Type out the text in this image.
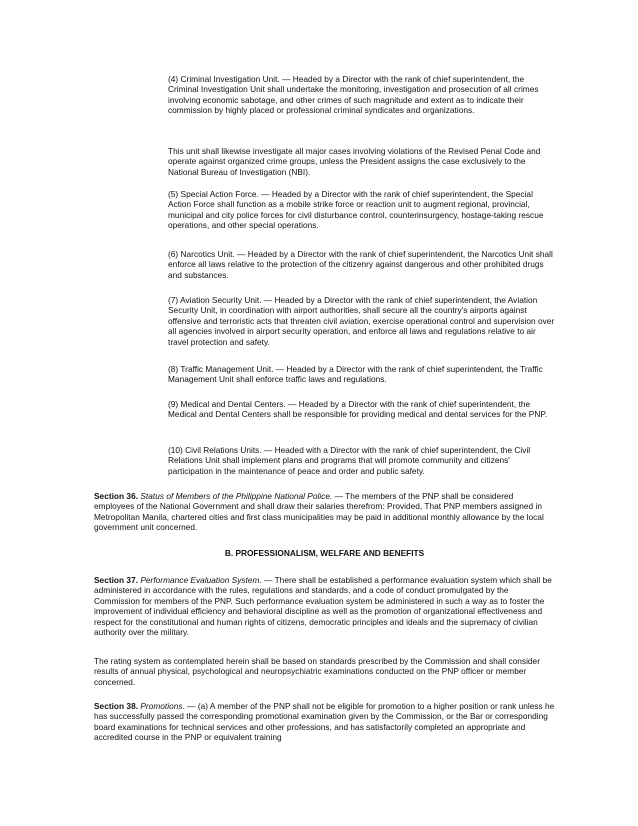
(4) Criminal Investigation Unit. — Headed by a Director with the rank of chief superintendent, the Criminal Investigation Unit shall undertake the monitoring, investigation and prosecution of all crimes involving economic sabotage, and other crimes of such magnitude and extent as to indicate their commission by highly placed or professional criminal syndicates and organizations.

This unit shall likewise investigate all major cases involving violations of the Revised Penal Code and operate against organized crime groups, unless the President assigns the case exclusively to the National Bureau of Investigation (NBI).

(5) Special Action Force. — Headed by a Director with the rank of chief superintendent, the Special Action Force shall function as a mobile strike force or reaction unit to augment regional, provincial, municipal and city police forces for civil disturbance control, counterinsurgency, hostage-taking rescue operations, and other special operations.

(6) Narcotics Unit. — Headed by a Director with the rank of chief superintendent, the Narcotics Unit shall enforce all laws relative to the protection of the citizenry against dangerous and other prohibited drugs and substances.

(7) Aviation Security Unit. — Headed by a Director with the rank of chief superintendent, the Aviation Security Unit, in coordination with airport authorities, shall secure all the country's airports against offensive and terroristic acts that threaten civil aviation, exercise operational control and supervision over all agencies involved in airport security operation, and enforce all laws and regulations relative to air travel protection and safety.

(8) Traffic Management Unit. — Headed by a Director with the rank of chief superintendent, the Traffic Management Unit shall enforce traffic laws and regulations.

(9) Medical and Dental Centers. — Headed by a Director with the rank of chief superintendent, the Medical and Dental Centers shall be responsible for providing medical and dental services for the PNP.

(10) Civil Relations Units. — Headed with a Director with the rank of chief superintendent, the Civil Relations Unit shall implement plans and programs that will promote community and citizens' participation in the maintenance of peace and order and public safety.

Section 36. Status of Members of the Philippine National Police. — The members of the PNP shall be considered employees of the National Government and shall draw their salaries therefrom: Provided, That PNP members assigned in Metropolitan Manila, chartered cities and first class municipalities may be paid in additional monthly allowance by the local government unit concerned.

B. PROFESSIONALISM, WELFARE AND BENEFITS

Section 37. Performance Evaluation System. — There shall be established a performance evaluation system which shall be administered in accordance with the rules, regulations and standards, and a code of conduct promulgated by the Commission for members of the PNP. Such performance evaluation system be administered in such a way as to foster the improvement of individual efficiency and behavioral discipline as well as the promotion of organizational effectiveness and respect for the constitutional and human rights of citizens, democratic principles and ideals and the supremacy of civilian authority over the military.

The rating system as contemplated herein shall be based on standards prescribed by the Commission and shall consider results of annual physical, psychological and neuropsychiatric examinations conducted on the PNP officer or member concerned.

Section 38. Promotions. — (a) A member of the PNP shall not be eligible for promotion to a higher position or rank unless he has successfully passed the corresponding promotional examination given by the Commission, or the Bar or corresponding board examinations for technical services and other professions, and has satisfactorily completed an appropriate and accredited course in the PNP or equivalent training
